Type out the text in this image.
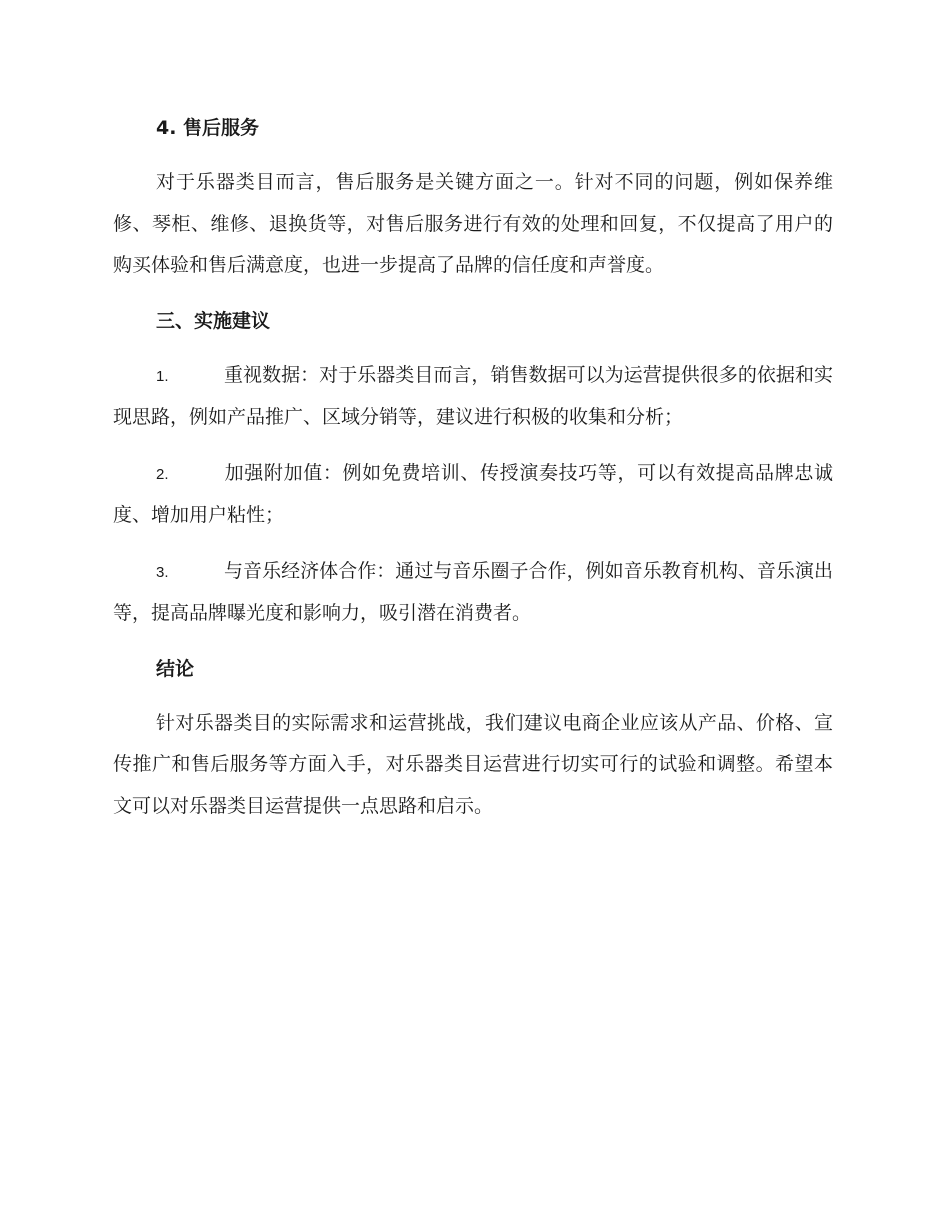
4. 售后服务

对于乐器类目而言，售后服务是关键方面之一。针对不同的问题，例如保养维修、琴柜、维修、退换货等，对售后服务进行有效的处理和回复，不仅提高了用户的购买体验和售后满意度，也进一步提高了品牌的信任度和声誉度。

三、实施建议
1.	重视数据：对于乐器类目而言，销售数据可以为运营提供很多的依据和实现思路，例如产品推广、区域分销等，建议进行积极的收集和分析；
2.	加强附加值：例如免费培训、传授演奏技巧等，可以有效提高品牌忠诚度、增加用户粘性；
3.	与音乐经济体合作：通过与音乐圈子合作，例如音乐教育机构、音乐演出等，提高品牌曝光度和影响力，吸引潜在消费者。
结论

针对乐器类目的实际需求和运营挑战，我们建议电商企业应该从产品、价格、宣传推广和售后服务等方面入手，对乐器类目运营进行切实可行的试验和调整。希望本文可以对乐器类目运营提供一点思路和启示。
